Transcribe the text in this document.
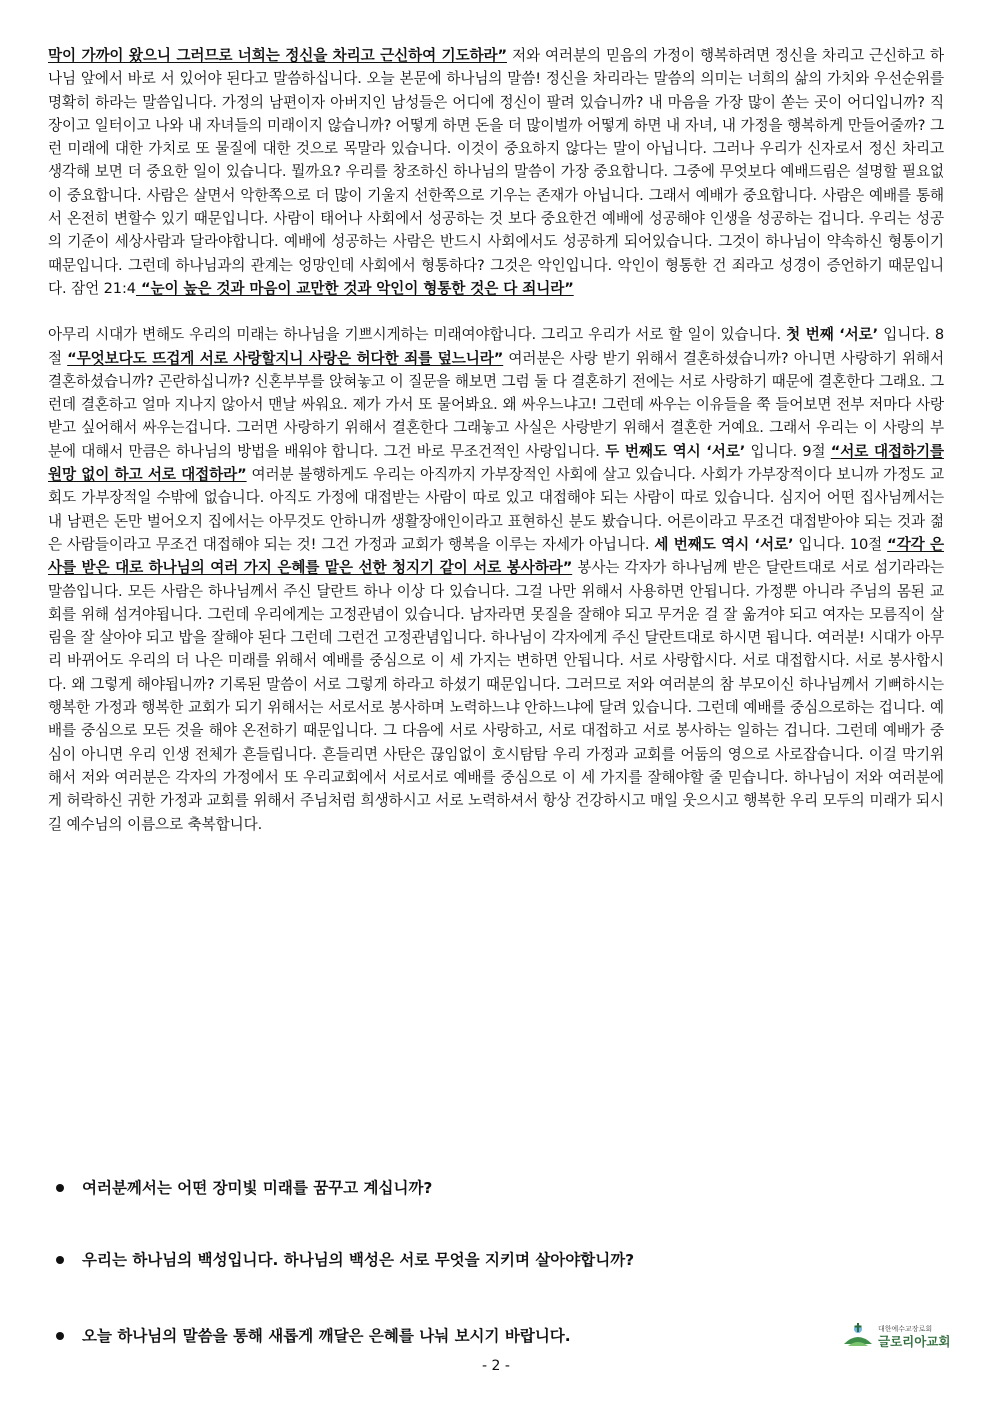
막이 가까이 왔으니 그러므로 너희는 정신을 차리고 근신하여 기도하라” 저와 여러분의 믿음의 가정이 행복하려면 정신을 차리고 근신하고 하나님 앞에서 바로 서 있어야 된다고 말씀하십니다. 오늘 본문에 하나님의 말씀! 정신을 차리라는 말씀의 의미는 너희의 삶의 가치와 우선순위를 명확히 하라는 말씀입니다. 가정의 남편이자 아버지인 남성들은 어디에 정신이 팔려 있습니까? 내 마음을 가장 많이 쏟는 곳이 어디입니까? 직장이고 일터이고 나와 내 자녀들의 미래이지 않습니까? 어떻게 하면 돈을 더 많이벌까 어떻게 하면 내 자녀, 내 가정을 행복하게 만들어줄까? 그런 미래에 대한 가치로 또 물질에 대한 것으로 목말라 있습니다. 이것이 중요하지 않다는 말이 아닙니다. 그러나 우리가 신자로서 정신 차리고 생각해 보면 더 중요한 일이 있습니다. 뭘까요? 우리를 창조하신 하나님의 말씀이 가장 중요합니다. 그중에 무엇보다 예배드림은 설명할 필요없이 중요합니다. 사람은 살면서 악한쪽으로 더 많이 기울지 선한쪽으로 기우는 존재가 아닙니다. 그래서 예배가 중요합니다. 사람은 예배를 통해서 온전히 변할수 있기 때문입니다. 사람이 태어나 사회에서 성공하는 것 보다 중요한건 예배에 성공해야 인생을 성공하는 겁니다. 우리는 성공의 기준이 세상사람과 달라야합니다. 예배에 성공하는 사람은 반드시 사회에서도 성공하게 되어있습니다. 그것이 하나님이 약속하신 형통이기 때문입니다. 그런데 하나님과의 관계는 엉망인데 사회에서 형통하다? 그것은 악인입니다. 악인이 형통한 건 죄라고 성경이 증언하기 때문입니다. 잠언 21:4 “눈이 높은 것과 마음이 교만한 것과 악인이 형통한 것은 다 죄니라”

아무리 시대가 변해도 우리의 미래는 하나님을 기쁘시게하는 미래여야합니다. 그리고 우리가 서로 할 일이 있습니다. 첫 번째 ‘서로’ 입니다. 8절 “무엇보다도 뜨겁게 서로 사랑할지니 사랑은 허다한 죄를 덮느니라” 여러분은 사랑 받기 위해서 결혼하셨습니까? 아니면 사랑하기 위해서 결혼하셨습니까? 곤란하십니까? 신혼부부를 앉혀놓고 이 질문을 해보면 그럼 둘 다 결혼하기 전에는 서로 사랑하기 때문에 결혼한다 그래요. 그런데 결혼하고 얼마 지나지 않아서 맨날 싸워요. 제가 가서 또 물어봐요. 왜 싸우느냐고! 그런데 싸우는 이유들을 쭉 들어보면 전부 저마다 사랑받고 싶어해서 싸우는겁니다. 그러면 사랑하기 위해서 결혼한다 그래놓고 사실은 사랑받기 위해서 결혼한 거예요. 그래서 우리는 이 사랑의 부분에 대해서 만큼은 하나님의 방법을 배워야 합니다. 그건 바로 무조건적인 사랑입니다. 두 번째도 역시 ‘서로’ 입니다. 9절 “서로 대접하기를 원망 없이 하고 서로 대접하라” 여러분 불행하게도 우리는 아직까지 가부장적인 사회에 살고 있습니다. 사회가 가부장적이다 보니까 가정도 교회도 가부장적일 수밖에 없습니다. 아직도 가정에 대접받는 사람이 따로 있고 대접해야 되는 사람이 따로 있습니다. 심지어 어떤 집사님께서는 내 남편은 돈만 벌어오지 집에서는 아무것도 안하니까 생활장애인이라고 표현하신 분도 봤습니다. 어른이라고 무조건 대접받아야 되는 것과 젊은 사람들이라고 무조건 대접해야 되는 것! 그건 가정과 교회가 행복을 이루는 자세가 아닙니다. 세 번째도 역시 ‘서로’ 입니다. 10절 “각각 은사를 받은 대로 하나님의 여러 가지 은혜를 맡은 선한 청지기 같이 서로 봉사하라” 봉사는 각자가 하나님께 받은 달란트대로 서로 섬기라라는 말씀입니다. 모든 사람은 하나님께서 주신 달란트 하나 이상 다 있습니다. 그걸 나만 위해서 사용하면 안됩니다. 가정뿐 아니라 주님의 몸된 교회를 위해 섬겨야됩니다. 그런데 우리에게는 고정관념이 있습니다. 남자라면 못질을 잘해야 되고 무거운 걸 잘 옮겨야 되고 여자는 모름직이 살림을 잘 살아야 되고 밥을 잘해야 된다 그런데 그런건 고정관념입니다. 하나님이 각자에게 주신 달란트대로 하시면 됩니다. 여러분! 시대가 아무리 바뀌어도 우리의 더 나은 미래를 위해서 예배를 중심으로 이 세 가지는 변하면 안됩니다. 서로 사랑합시다. 서로 대접합시다. 서로 봉사합시다. 왜 그렇게 해야됩니까? 기록된 말씀이 서로 그렇게 하라고 하셨기 때문입니다. 그러므로 저와 여러분의 참 부모이신 하나님께서 기뻐하시는 행복한 가정과 행복한 교회가 되기 위해서는 서로서로 봉사하며 노력하느냐 안하느냐에 달려 있습니다. 그런데 예배를 중심으로하는 겁니다. 예배를 중심으로 모든 것을 해야 온전하기 때문입니다. 그 다음에 서로 사랑하고, 서로 대접하고 서로 봉사하는 일하는 겁니다. 그런데 예배가 중심이 아니면 우리 인생 전체가 흔들립니다. 흔들리면 사탄은 끊임없이 호시탐탐 우리 가정과 교회를 어둠의 영으로 사로잡습니다. 이걸 막기위해서 저와 여러분은 각자의 가정에서 또 우리교회에서 서로서로 예배를 중심으로 이 세 가지를 잘해야할 줄 믿습니다. 하나님이 저와 여러분에게 허락하신 귀한 가정과 교회를 위해서 주님처럼 희생하시고 서로 노력하셔서 항상 건강하시고 매일 웃으시고 행복한 우리 모두의 미래가 되시길 예수님의 이름으로 축복합니다.

여러분께서는 어떤 장미빛 미래를 꿈꾸고 계십니까?
우리는 하나님의 백성입니다. 하나님의 백성은 서로 무엇을 지키며 살아야합니까?
오늘 하나님의 말씀을 통해 새롭게 깨달은 은혜를 나눠 보시기 바랍니다.	대한예수교장로회
글로리아교회
- 2 -
